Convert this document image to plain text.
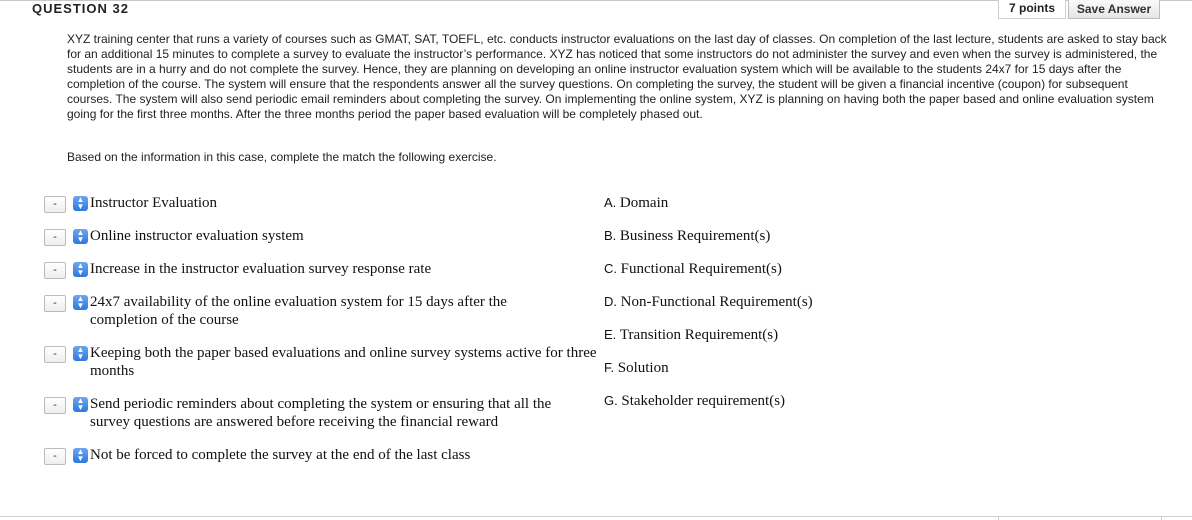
QUESTION 32	7 points	Save Answer
XYZ training center that runs a variety of courses such as GMAT, SAT, TOEFL, etc. conducts instructor evaluations on the last day of classes. On completion of the last lecture, students are asked to stay back for an additional 15 minutes to complete a survey to evaluate the instructor’s performance. XYZ has noticed that some instructors do not administer the survey and even when the survey is administered, the students are in a hurry and do not complete the survey. Hence, they are planning on developing an online instructor evaluation system which will be available to the students 24x7 for 15 days after the completion of the course. The system will ensure that the respondents answer all the survey questions. On completing the survey, the student will be given a financial incentive (coupon) for subsequent courses. The system will also send periodic email reminders about completing the survey. On implementing the online system, XYZ is planning on having both the paper based and online evaluation system going for the first three months. After the three months period the paper based evaluation will be completely phased out.
Based on the information in this case, complete the match the following exercise.
-	▲
▼ Instructor Evaluation
-	▲
▼ Online instructor evaluation system
-	▲
▼ Increase in the instructor evaluation survey response rate
-	▲
▼ 24x7 availability of the online evaluation system for 15 days after the completion of the course
-	▲
▼ Keeping both the paper based evaluations and online survey systems active for three months
-	▲
▼ Send periodic reminders about completing the system or ensuring that all the survey questions are answered before receiving the financial reward
-	▲
▼ Not be forced to complete the survey at the end of the last class
A. Domain
B. Business Requirement(s)
C. Functional Requirement(s)
D. Non-Functional Requirement(s)
E. Transition Requirement(s)
F. Solution
G. Stakeholder requirement(s)
